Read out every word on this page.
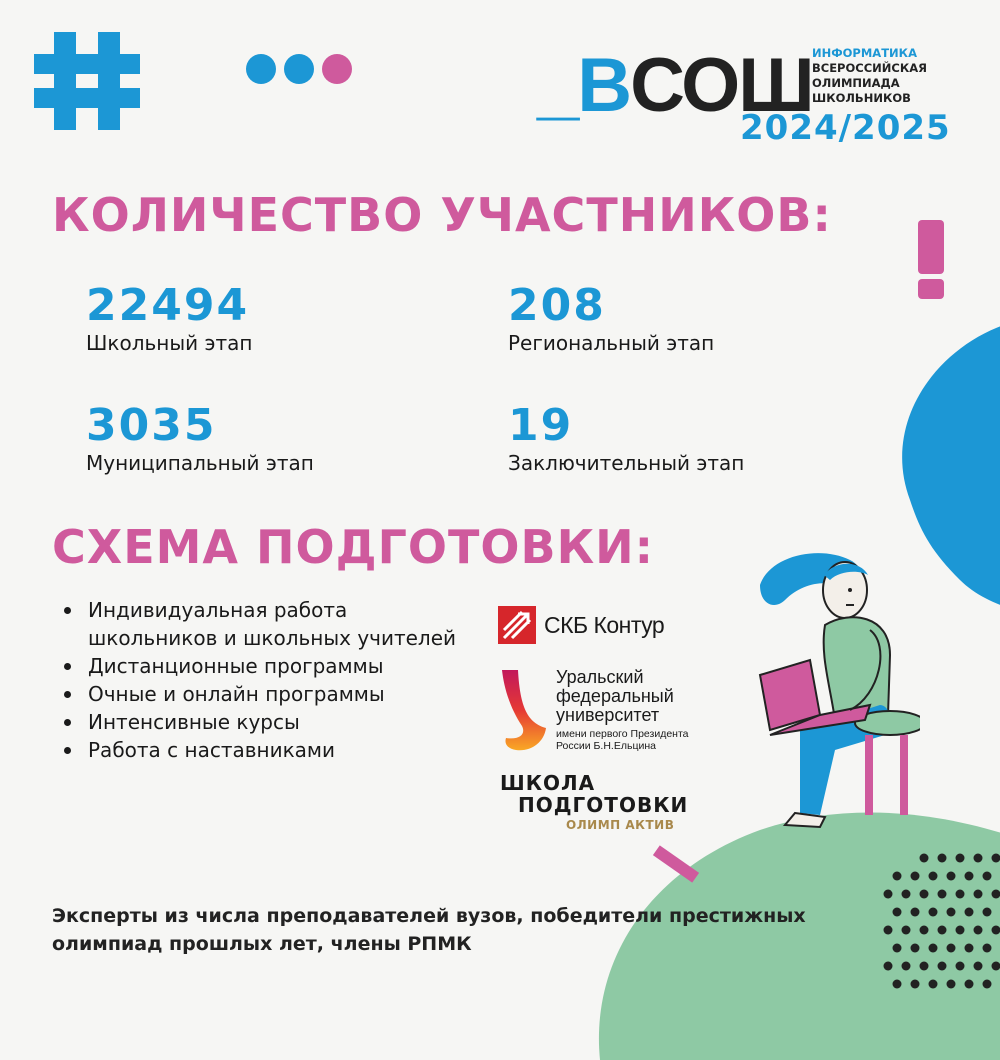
_ В СОШ ИНФОРМАТИКА
ВСЕРОССИЙСКАЯ
ОЛИМПИАДА
ШКОЛЬНИКОВ
2024/2025
КОЛИЧЕСТВО УЧАСТНИКОВ:
22494
Школьный этап
208
Региональный этап
3035
Муниципальный этап
19
Заключительный этап
СХЕМА ПОДГОТОВКИ:
Индивидуальная работа школьников и школьных учителей
Дистанционные программы
Очные и онлайн программы
Интенсивные курсы
Работа с наставниками
СКБ Контур
Уральский
федеральный
университет
имени первого Президента
России Б.Н.Ельцина
ШКОЛА
ПОДГОТОВКИ
ОЛИМП АКТИВ
Эксперты из числа преподавателей вузов, победители престижных олимпиад прошлых лет, члены РПМК
